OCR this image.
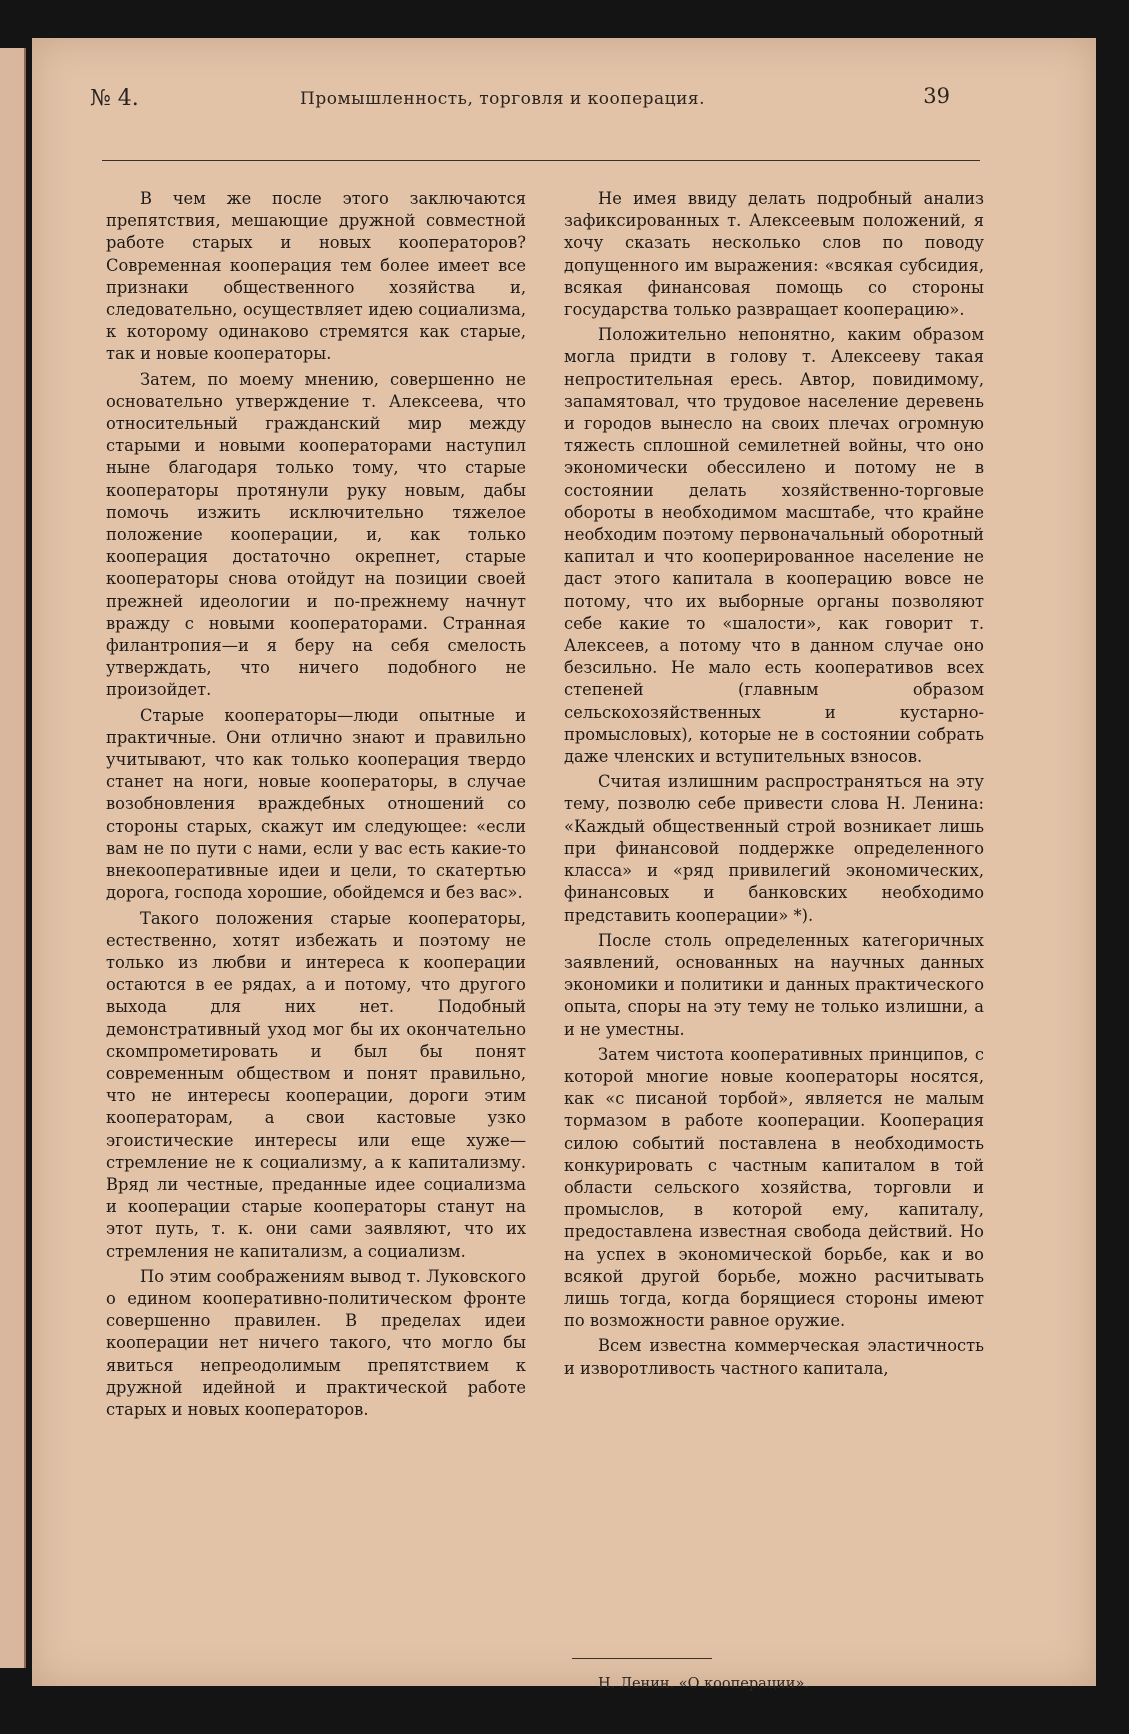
№ 4.	Промышленность, торговля и кооперация.	39

В чем же после этого заключаются препятствия, мешающие дружной совместной работе старых и новых кооператоров? Современная кооперация тем более имеет все признаки общественного хозяйства и, следовательно, осуществляет идею социализма, к которому одинаково стремятся как старые, так и новые кооператоры.

Затем, по моему мнению, совершенно не основательно утверждение т. Алексеева, что относительный гражданский мир между старыми и новыми кооператорами наступил ныне благодаря только тому, что старые кооператоры протянули руку новым, дабы помочь изжить исключительно тяжелое положение кооперации, и, как только кооперация достаточно окрепнет, старые кооператоры снова отойдут на позиции своей прежней идеологии и по-прежнему начнут вражду с новыми кооператорами. Странная филантропия—и я беру на себя смелость утверждать, что ничего подобного не произойдет.

Старые кооператоры—люди опытные и практичные. Они отлично знают и правильно учитывают, что как только кооперация твердо станет на ноги, новые кооператоры, в случае возобновления враждебных отношений со стороны старых, скажут им следующее: «если вам не по пути с нами, если у вас есть какие-то внекооперативные идеи и цели, то скатертью дорога, господа хорошие, обойдемся и без вас».

Такого положения старые кооператоры, естественно, хотят избежать и поэтому не только из любви и интереса к кооперации остаются в ее рядах, а и потому, что другого выхода для них нет. Подобный демонстративный уход мог бы их окончательно скомпрометировать и был бы понят современным обществом и понят правильно, что не интересы кооперации, дороги этим кооператорам, а свои кастовые узко эгоистические интересы или еще хуже—стремление не к социализму, а к капитализму. Вряд ли честные, преданные идее социализма и кооперации старые кооператоры станут на этот путь, т. к. они сами заявляют, что их стремления не капитализм, а социализм.

По этим соображениям вывод т. Луковского о едином кооперативно-политическом фронте совершенно правилен. В пределах идеи кооперации нет ничего такого, что могло бы явиться непреодолимым препятствием к дружной идейной и практической работе старых и новых кооператоров.

Не имея ввиду делать подробный анализ зафиксированных т. Алексеевым положений, я хочу сказать несколько слов по поводу допущенного им выражения: «всякая субсидия, всякая финансовая помощь со стороны государства только развращает кооперацию».

Положительно непонятно, каким образом могла придти в голову т. Алексееву такая непростительная ересь. Автор, повидимому, запамятовал, что трудовое население деревень и городов вынесло на своих плечах огромную тяжесть сплошной семилетней войны, что оно экономически обессилено и потому не в состоянии делать хозяйственно-торговые обороты в необходимом масштабе, что крайне необходим поэтому первоначальный оборотный капитал и что кооперированное население не даст этого капитала в кооперацию вовсе не потому, что их выборные органы позволяют себе какие то «шалости», как говорит т. Алексеев, а потому что в данном случае оно безсильно. Не мало есть кооперативов всех степеней (главным образом сельскохозяйственных и кустарно-промысловых), которые не в состоянии собрать даже членских и вступительных взносов.

Считая излишним распространяться на эту тему, позволю себе привести слова Н. Ленина: «Каждый общественный строй возникает лишь при финансовой поддержке определенного класса» и «ряд привилегий экономических, финансовых и банковских необходимо представить кооперации» *).

После столь определенных категоричных заявлений, основанных на научных данных экономики и политики и данных практического опыта, споры на эту тему не только излишни, а и не уместны.

Затем чистота кооперативных принципов, с которой многие новые кооператоры носятся, как «с писаной торбой», является не малым тормазом в работе кооперации. Кооперация силою событий поставлена в необходимость конкурировать с частным капиталом в той области сельского хозяйства, торговли и промыслов, в которой ему, капиталу, предоставлена известная свобода действий. Но на успех в экономической борьбе, как и во всякой другой борьбе, можно расчитывать лишь тогда, когда борящиеся стороны имеют по возможности равное оружие.

Всем известна коммерческая эластичность и изворотливость частного капитала,

Н. Ленин. «О кооперации».
